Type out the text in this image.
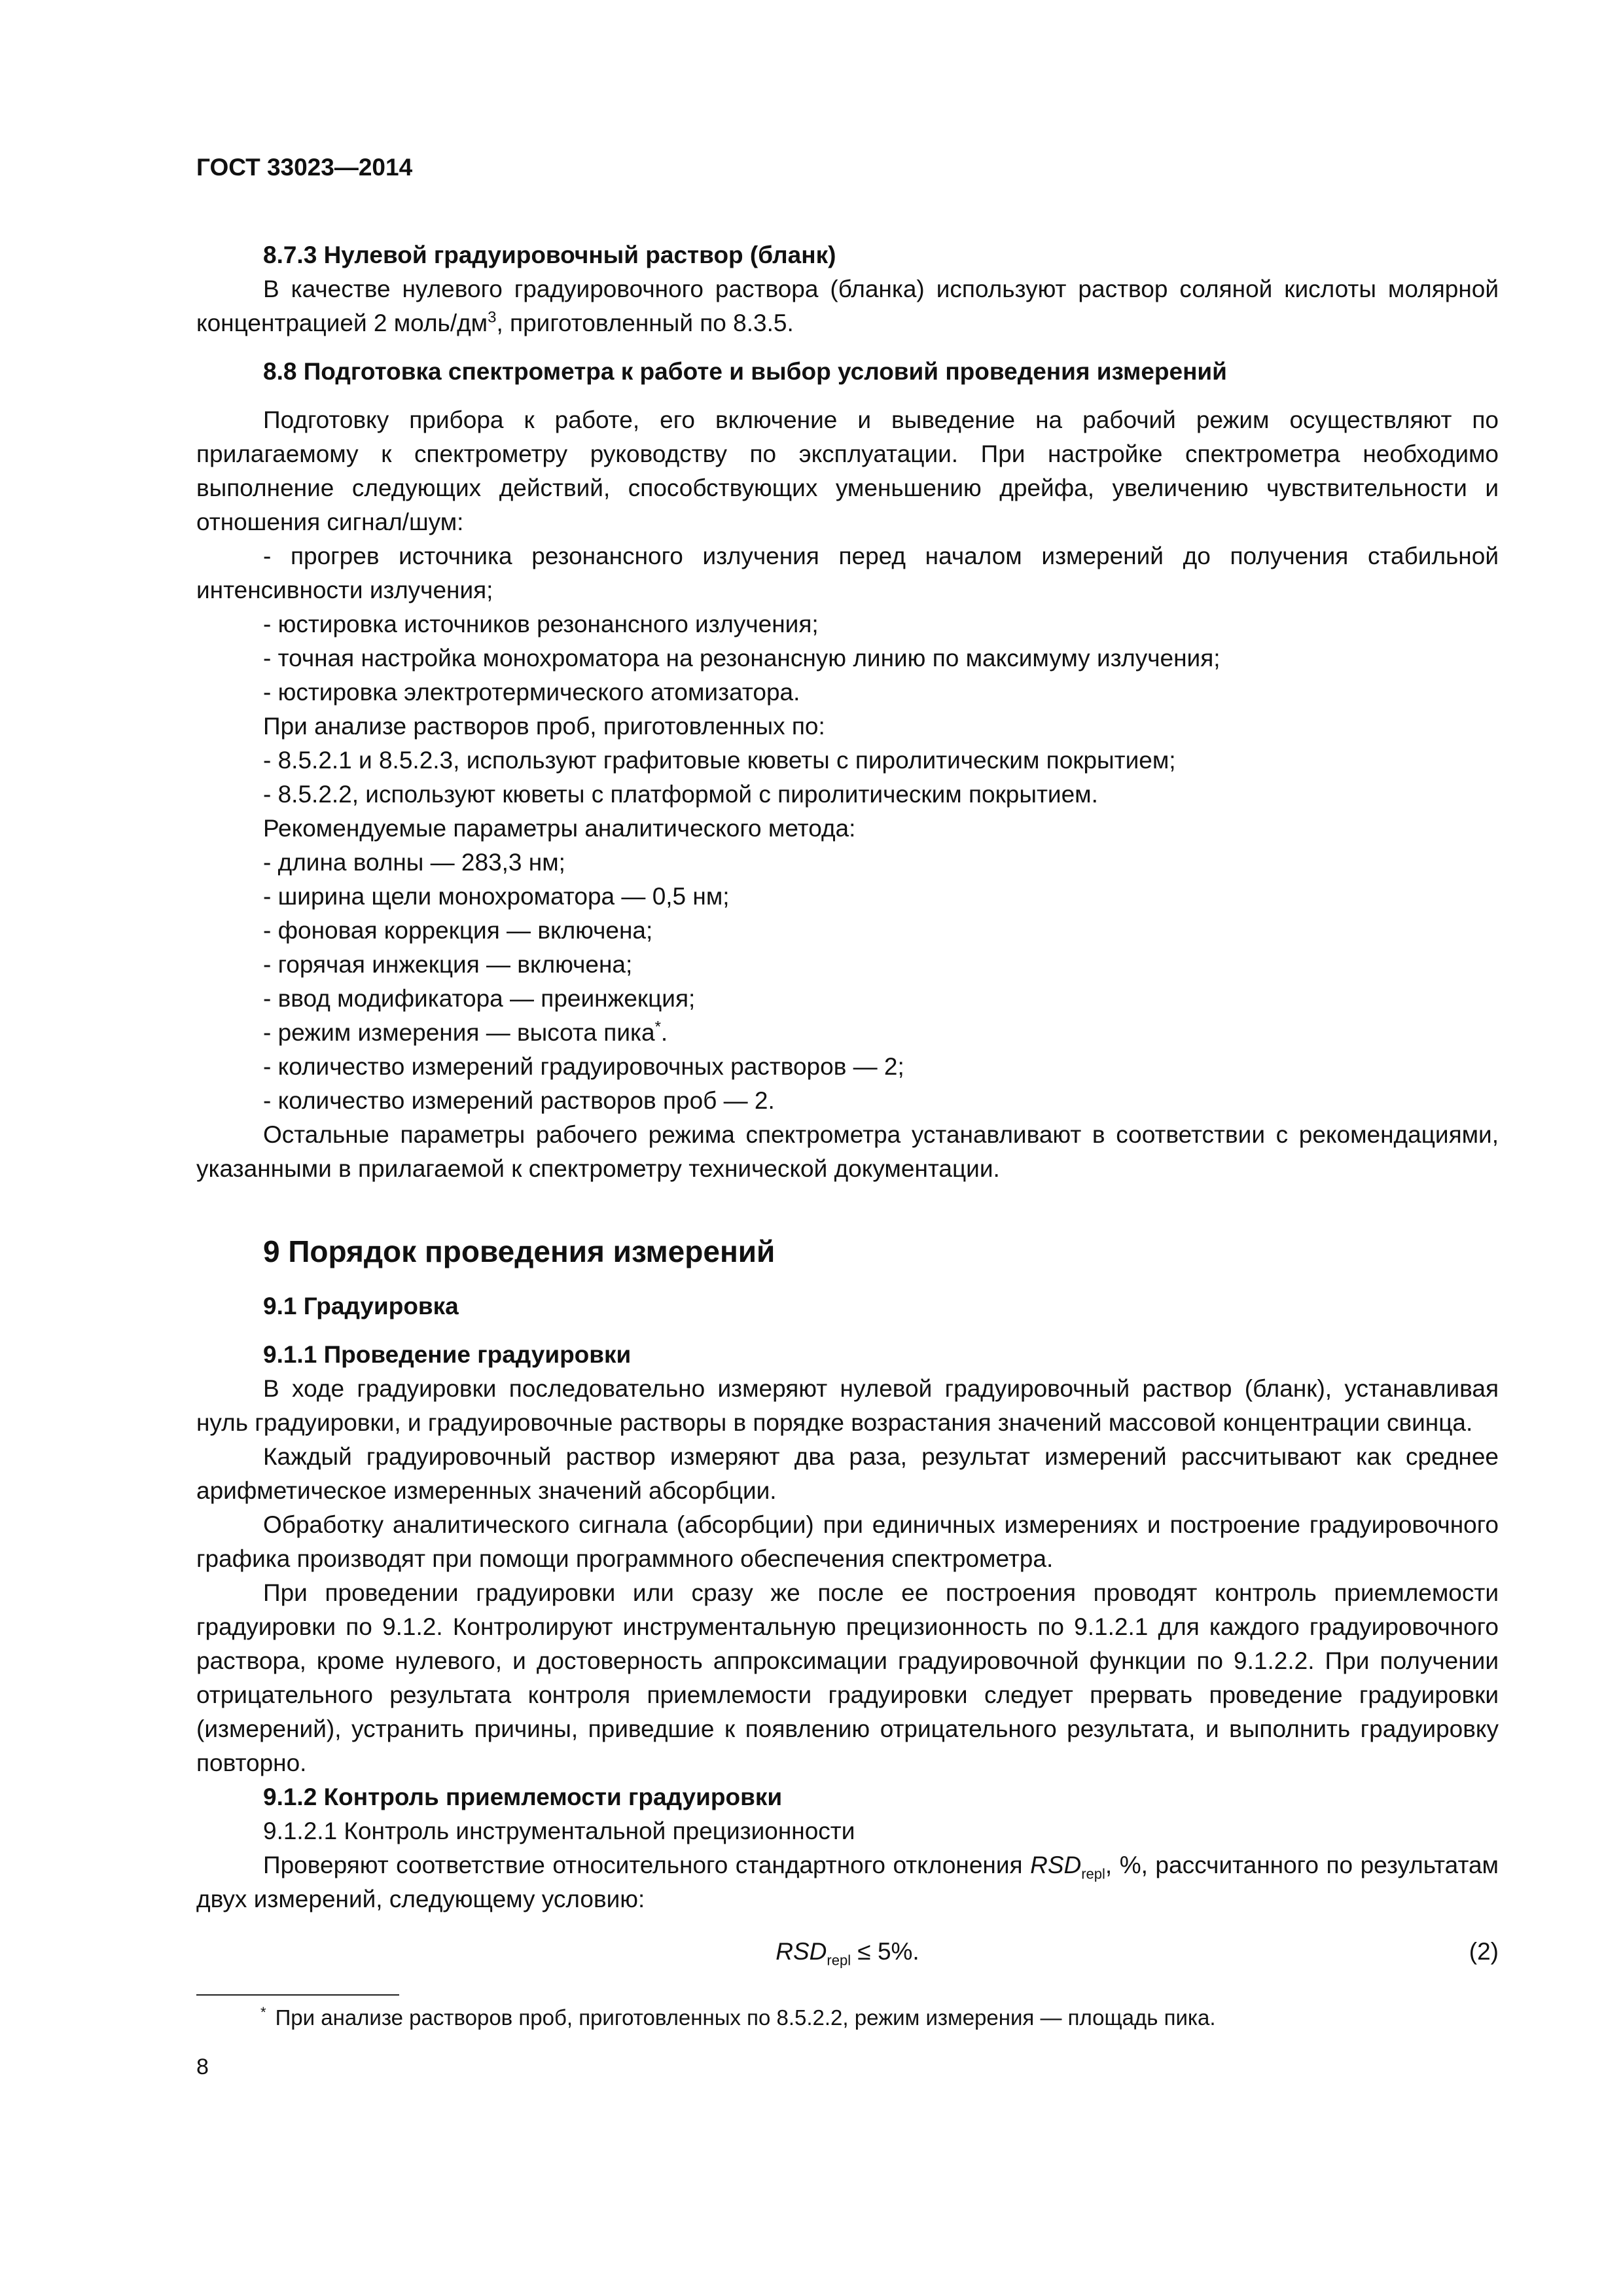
ГОСТ 33023—2014
8.7.3 Нулевой градуировочный раствор (бланк)

В качестве нулевого градуировочного раствора (бланка) используют раствор соляной кислоты молярной концентрацией 2 моль/$дм^3$, приготовленный по 8.3.5.

8.8 Подготовка спектрометра к работе и выбор условий проведения измерений

Подготовку прибора к работе, его включение и выведение на рабочий режим осуществляют по прилагаемому к спектрометру руководству по эксплуатации. При настройке спектрометра необходимо выполнение следующих действий, способствующих уменьшению дрейфа, увеличению чувствительности и отношения сигнал/шум:

- прогрев источника резонансного излучения перед началом измерений до получения стабильной интенсивности излучения;

- юстировка источников резонансного излучения;

- точная настройка монохроматора на резонансную линию по максимуму излучения;

- юстировка электротермического атомизатора.

При анализе растворов проб, приготовленных по:

- 8.5.2.1 и 8.5.2.3, используют графитовые кюветы с пиролитическим покрытием;

- 8.5.2.2, используют кюветы с платформой с пиролитическим покрытием.

Рекомендуемые параметры аналитического метода:

- длина волны — 283,3 нм;

- ширина щели монохроматора — 0,5 нм;

- фоновая коррекция — включена;

- горячая инжекция — включена;

- ввод модификатора — преинжекция;

- режим измерения — высота пика*.

- количество измерений градуировочных растворов — 2;

- количество измерений растворов проб — 2.

Остальные параметры рабочего режима спектрометра устанавливают в соответствии с рекомендациями, указанными в прилагаемой к спектрометру технической документации.

9 Порядок проведения измерений
9.1 Градуировка
9.1.1 Проведение градуировки

В ходе градуировки последовательно измеряют нулевой градуировочный раствор (бланк), устанавливая нуль градуировки, и градуировочные растворы в порядке возрастания значений массовой концентрации свинца.

Каждый градуировочный раствор измеряют два раза, результат измерений рассчитывают как среднее арифметическое измеренных значений абсорбции.

Обработку аналитического сигнала (абсорбции) при единичных измерениях и построение градуировочного графика производят при помощи программного обеспечения спектрометра.

При проведении градуировки или сразу же после ее построения проводят контроль приемлемости градуировки по 9.1.2. Контролируют инструментальную прецизионность по 9.1.2.1 для каждого градуировочного раствора, кроме нулевого, и достоверность аппроксимации градуировочной функции по 9.1.2.2. При получении отрицательного результата контроля приемлемости градуировки следует прервать проведение градуировки (измерений), устранить причины, приведшие к появлению отрицательного результата, и выполнить градуировку повторно.

9.1.2 Контроль приемлемости градуировки

9.1.2.1 Контроль инструментальной прецизионности

Проверяют соответствие относительного стандартного отклонения $RSD_{repl}$, %, рассчитанного по результатам двух измерений, следующему условию:

$RSD_{repl} \le 5\%$.	(2)
* При анализе растворов проб, приготовленных по 8.5.2.2, режим измерения — площадь пика.
8
